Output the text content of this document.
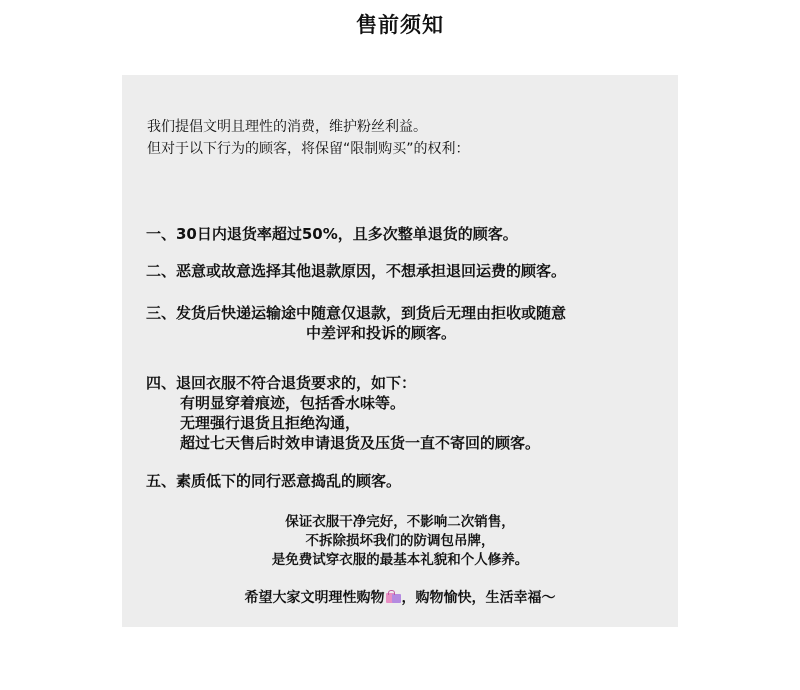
售前须知
我们提倡文明且理性的消费，维护粉丝利益。
但对于以下行为的顾客，将保留“限制购买”的权利：
一、30日内退货率超过50%，且多次整单退货的顾客。
二、恶意或故意选择其他退款原因，不想承担退回运费的顾客。
三、发货后快递运输途中随意仅退款，到货后无理由拒收或随意
中差评和投诉的顾客。
四、退回衣服不符合退货要求的，如下：
有明显穿着痕迹，包括香水味等。
无理强行退货且拒绝沟通，
超过七天售后时效申请退货及压货一直不寄回的顾客。
五、素质低下的同行恶意捣乱的顾客。
保证衣服干净完好，不影响二次销售，
不拆除损坏我们的防调包吊牌，
是免费试穿衣服的最基本礼貌和个人修养。
希望大家文明理性购物 ，购物愉快，生活幸福～
